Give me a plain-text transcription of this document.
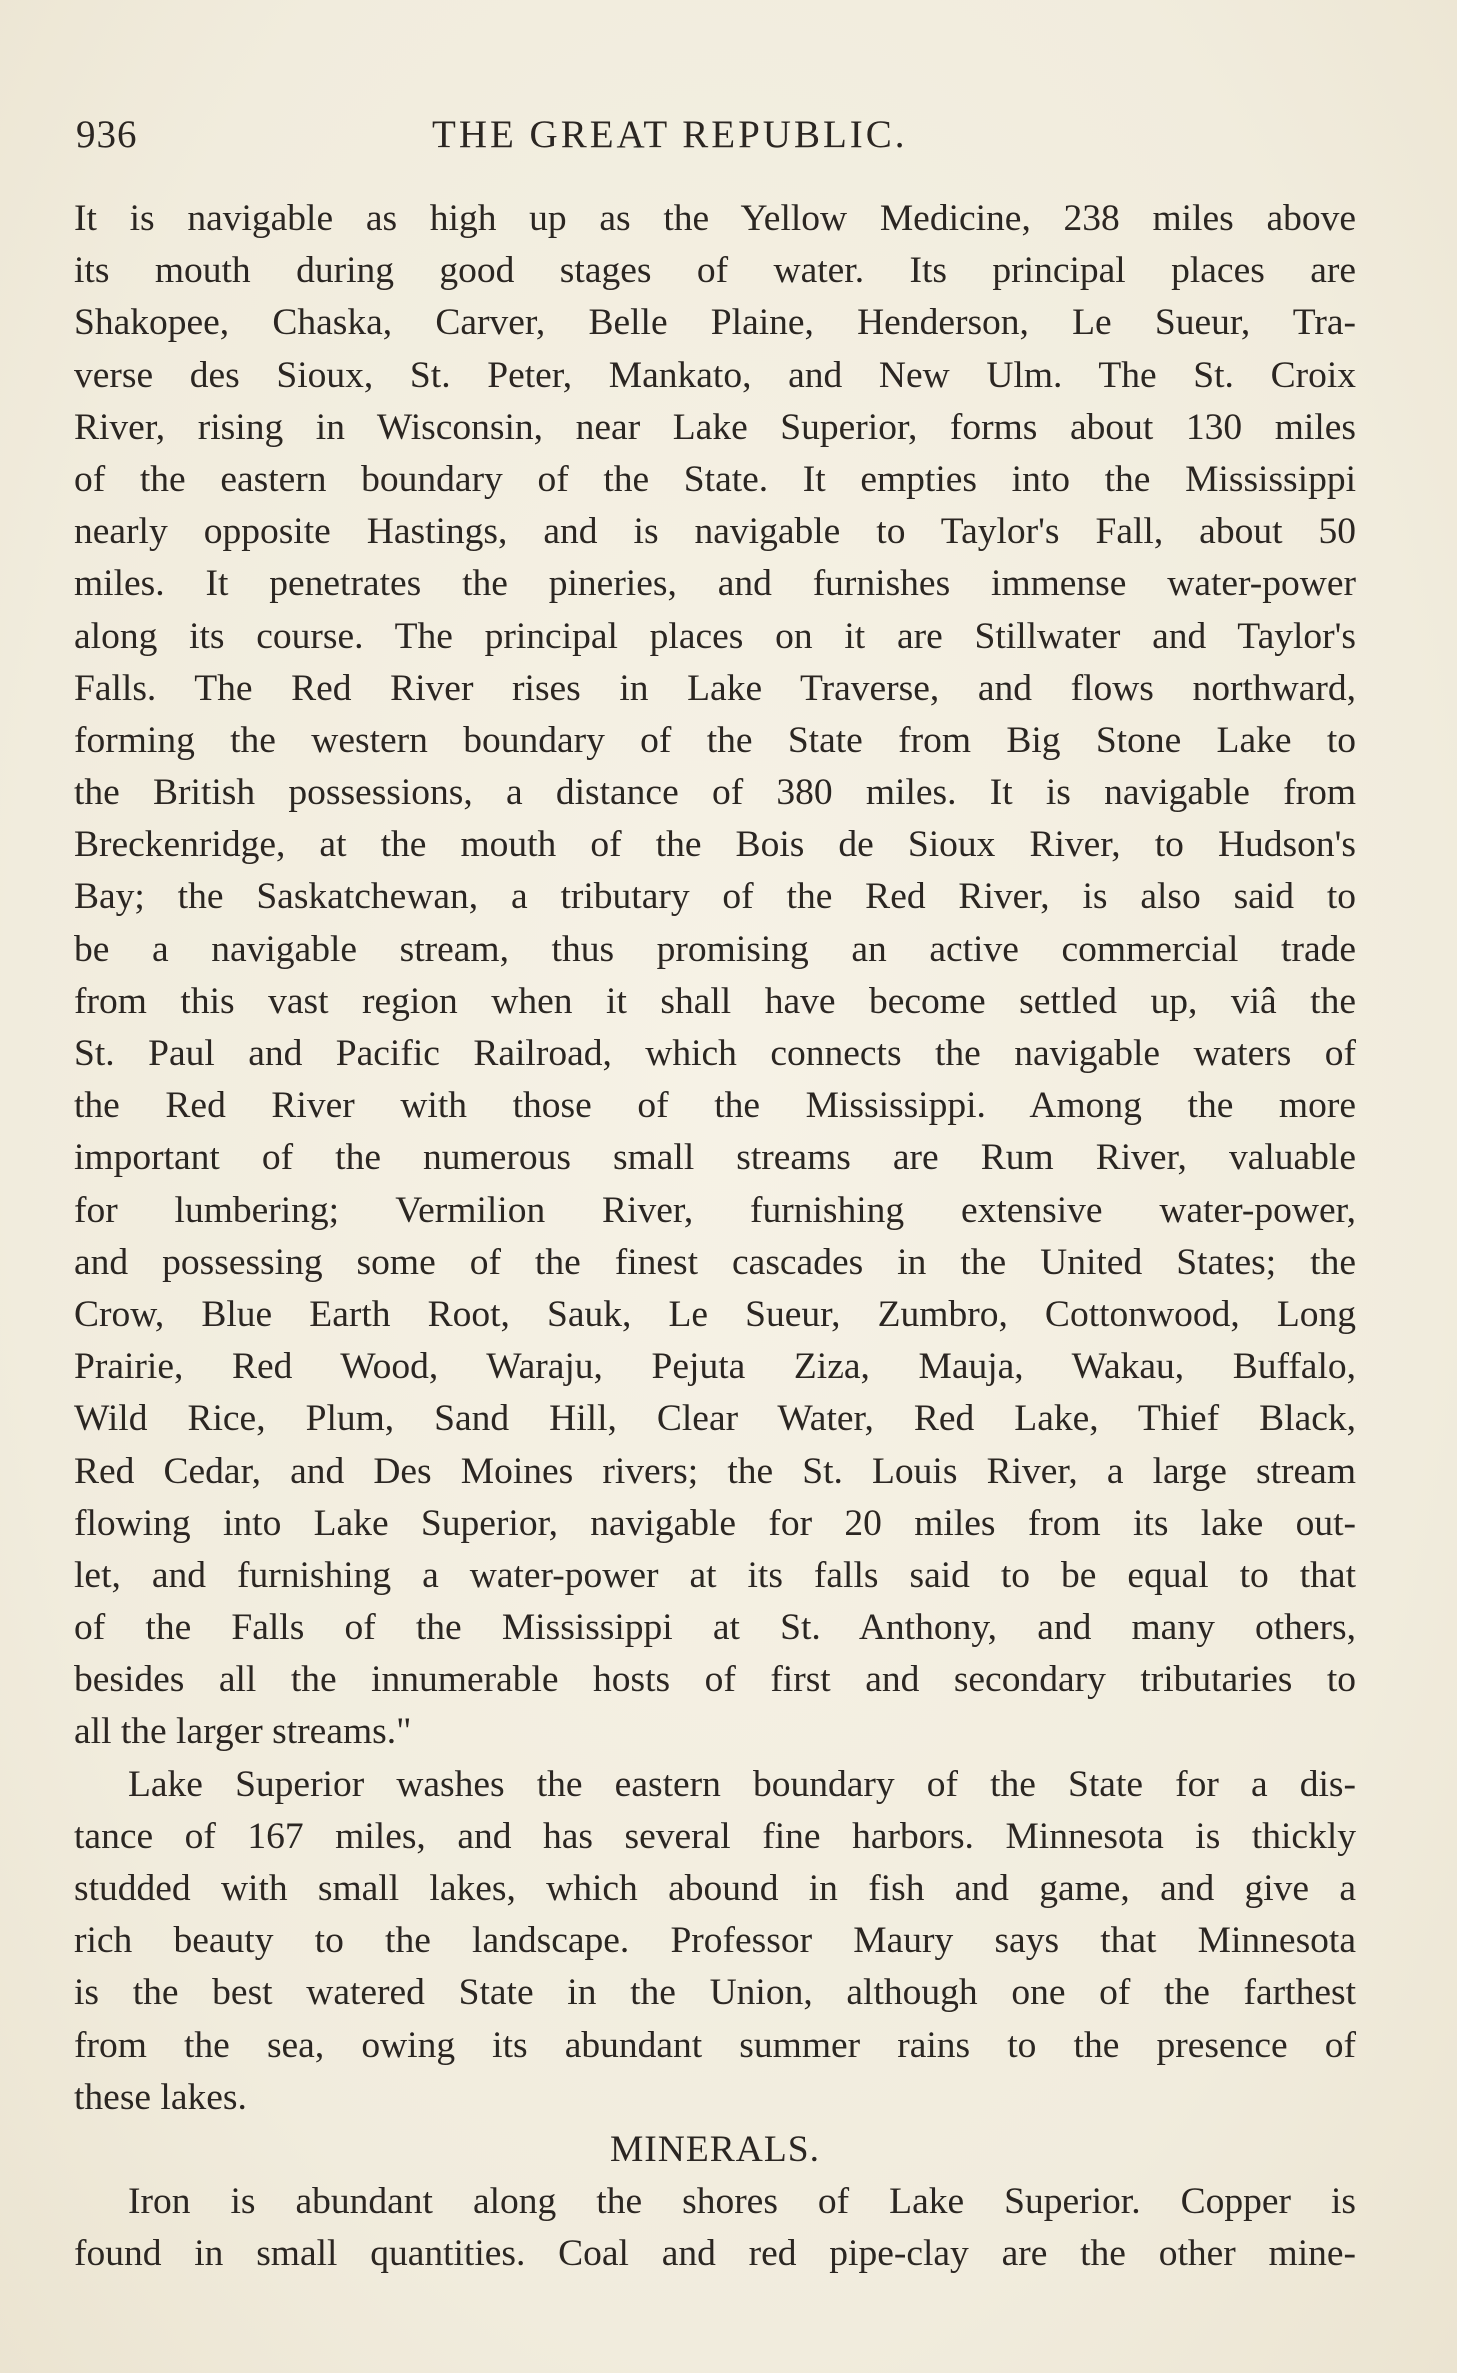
936	THE GREAT REPUBLIC.
It is navigable as high up as the Yellow Medicine, 238 miles above
its mouth during good stages of water. Its principal places are
Shakopee, Chaska, Carver, Belle Plaine, Henderson, Le Sueur, Tra-
verse des Sioux, St. Peter, Mankato, and New Ulm. The St. Croix
River, rising in Wisconsin, near Lake Superior, forms about 130 miles
of the eastern boundary of the State. It empties into the Mississippi
nearly opposite Hastings, and is navigable to Taylor's Fall, about 50
miles. It penetrates the pineries, and furnishes immense water-power
along its course. The principal places on it are Stillwater and Taylor's
Falls. The Red River rises in Lake Traverse, and flows northward,
forming the western boundary of the State from Big Stone Lake to
the British possessions, a distance of 380 miles. It is navigable from
Breckenridge, at the mouth of the Bois de Sioux River, to Hudson's
Bay; the Saskatchewan, a tributary of the Red River, is also said to
be a navigable stream, thus promising an active commercial trade
from this vast region when it shall have become settled up, viâ the
St. Paul and Pacific Railroad, which connects the navigable waters of
the Red River with those of the Mississippi. Among the more
important of the numerous small streams are Rum River, valuable
for lumbering; Vermilion River, furnishing extensive water-power,
and possessing some of the finest cascades in the United States; the
Crow, Blue Earth Root, Sauk, Le Sueur, Zumbro, Cottonwood, Long
Prairie, Red Wood, Waraju, Pejuta Ziza, Mauja, Wakau, Buffalo,
Wild Rice, Plum, Sand Hill, Clear Water, Red Lake, Thief Black,
Red Cedar, and Des Moines rivers; the St. Louis River, a large stream
flowing into Lake Superior, navigable for 20 miles from its lake out-
let, and furnishing a water-power at its falls said to be equal to that
of the Falls of the Mississippi at St. Anthony, and many others,
besides all the innumerable hosts of first and secondary tributaries to
all the larger streams."
Lake Superior washes the eastern boundary of the State for a dis-
tance of 167 miles, and has several fine harbors. Minnesota is thickly
studded with small lakes, which abound in fish and game, and give a
rich beauty to the landscape. Professor Maury says that Minnesota
is the best watered State in the Union, although one of the farthest
from the sea, owing its abundant summer rains to the presence of
these lakes.
MINERALS.
Iron is abundant along the shores of Lake Superior. Copper is
found in small quantities. Coal and red pipe-clay are the other mine-
